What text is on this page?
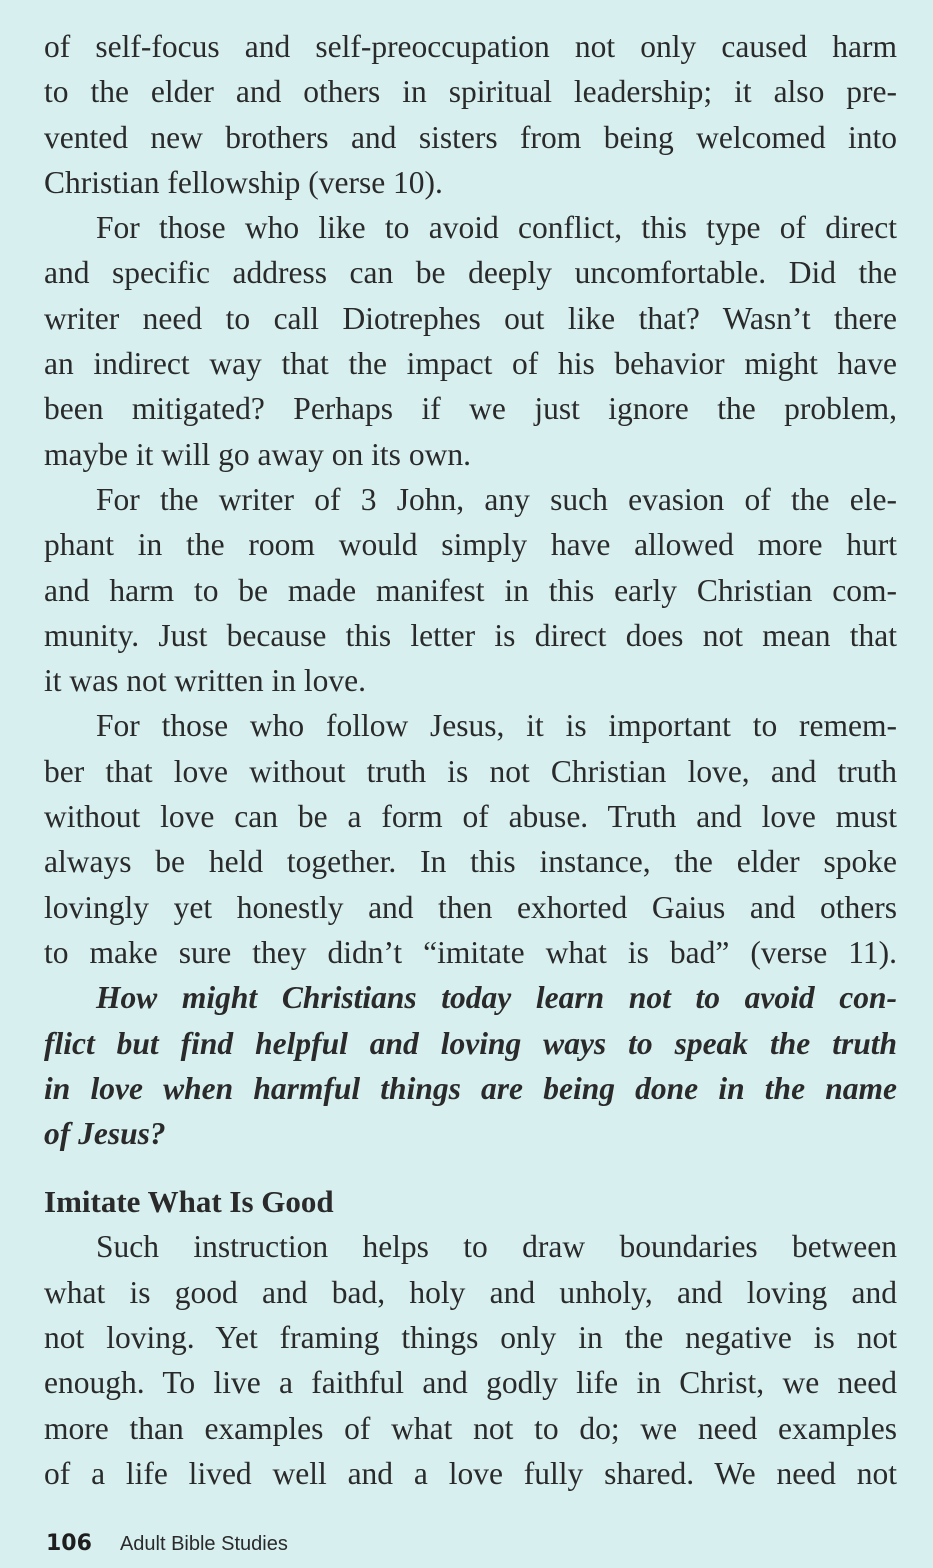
of self-focus and self-preoccupation not only caused harm
to the elder and others in spiritual leadership; it also pre-
vented new brothers and sisters from being welcomed into
Christian fellowship (verse 10).
For those who like to avoid conflict, this type of direct
and specific address can be deeply uncomfortable. Did the
writer need to call Diotrephes out like that? Wasn’t there
an indirect way that the impact of his behavior might have
been mitigated? Perhaps if we just ignore the problem,
maybe it will go away on its own.
For the writer of 3 John, any such evasion of the ele-
phant in the room would simply have allowed more hurt
and harm to be made manifest in this early Christian com-
munity. Just because this letter is direct does not mean that
it was not written in love.
For those who follow Jesus, it is important to remem-
ber that love without truth is not Christian love, and truth
without love can be a form of abuse. Truth and love must
always be held together. In this instance, the elder spoke
lovingly yet honestly and then exhorted Gaius and others
to make sure they didn’t “imitate what is bad” (verse 11).
How might Christians today learn not to avoid con-
flict but find helpful and loving ways to speak the truth
in love when harmful things are being done in the name
of Jesus?
Imitate What Is Good
Such instruction helps to draw boundaries between
what is good and bad, holy and unholy, and loving and
not loving. Yet framing things only in the negative is not
enough. To live a faithful and godly life in Christ, we need
more than examples of what not to do; we need examples
of a life lived well and a love fully shared. We need not
106 Adult Bible Studies
